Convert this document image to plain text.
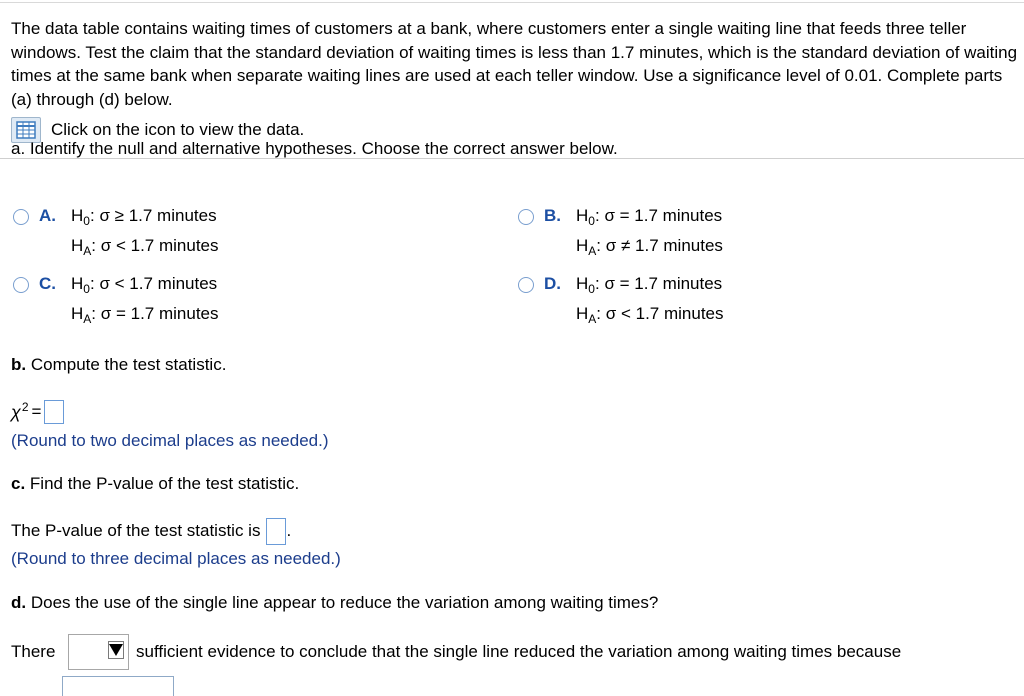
The data table contains waiting times of customers at a bank, where customers enter a single waiting line that feeds three teller windows. Test the claim that the standard deviation of waiting times is less than 1.7 minutes, which is the standard deviation of waiting times at the same bank when separate waiting lines are used at each teller window. Use a significance level of 0.01. Complete parts (a) through (d) below.
Click on the icon to view the data.
a. Identify the null and alternative hypotheses. Choose the correct answer below.
A. $H_0$: σ ≥ 1.7 minutes
$H_A$: σ < 1.7 minutes
B. $H_0$: σ = 1.7 minutes
$H_A$: σ ≠ 1.7 minutes
C. $H_0$: σ < 1.7 minutes
$H_A$: σ = 1.7 minutes
D. $H_0$: σ = 1.7 minutes
$H_A$: σ < 1.7 minutes
b. Compute the test statistic.
$\chi^2$ =
(Round to two decimal places as needed.)
c. Find the P-value of the test statistic.
The P-value of the test statistic is .
(Round to three decimal places as needed.)
d. Does the use of the single line appear to reduce the variation among waiting times?
There	sufficient evidence to conclude that the single line reduced the variation among waiting times because
